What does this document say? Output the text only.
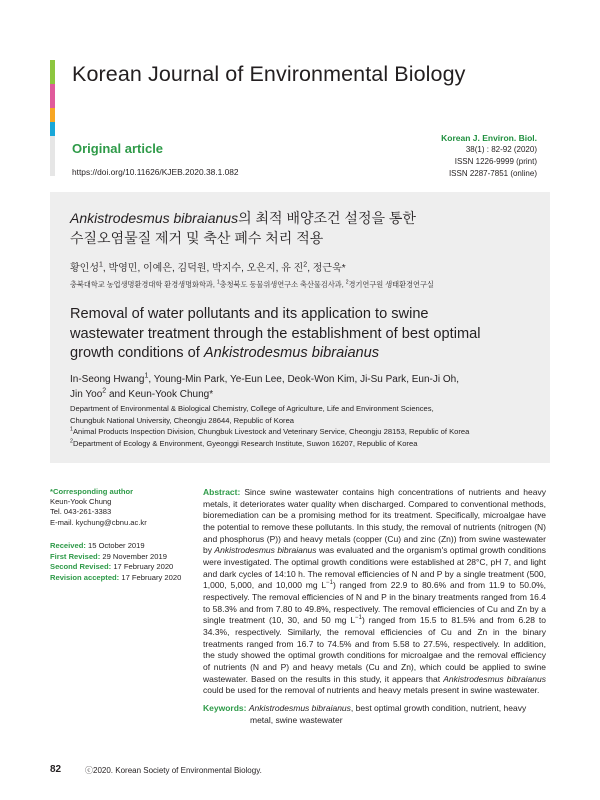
Korean Journal of Environmental Biology
Original article
https://doi.org/10.11626/KJEB.2020.38.1.082
Korean J. Environ. Biol.
38(1) : 82-92 (2020)
ISSN 1226-9999 (print)
ISSN 2287-7851 (online)
Ankistrodesmus bibraianus의 최적 배양조건 설정을 통한
수질오염물질 제거 및 축산 폐수 처리 적용
황인성$^1$, 박영민, 이예은, 김덕원, 박지수, 오은지, 유 진$^2$, 정근욱*
충북대학교 농업생명환경대학 환경생명화학과, $^1$충청북도 동물위생연구소 축산물검사과, $^2$경기연구원 생태환경연구실
Removal of water pollutants and its application to swine
wastewater treatment through the establishment of best optimal
growth conditions of Ankistrodesmus bibraianus
In-Seong Hwang$^1$, Young-Min Park, Ye-Eun Lee, Deok-Won Kim, Ji-Su Park, Eun-Ji Oh,
Jin Yoo$^2$ and Keun-Yook Chung*
Department of Environmental & Biological Chemistry, College of Agriculture, Life and Environment Sciences,
Chungbuk National University, Cheongju 28644, Republic of Korea
$^1$Animal Products Inspection Division, Chungbuk Livestock and Veterinary Service, Cheongju 28153, Republic of Korea
$^2$Department of Ecology & Environment, Gyeonggi Research Institute, Suwon 16207, Republic of Korea
*Corresponding author
Keun-Yook Chung
Tel. 043-261-3383
E-mail. kychung@cbnu.ac.kr
Received: 15 October 2019
First Revised: 29 November 2019
Second Revised: 17 February 2020
Revision accepted: 17 February 2020
Abstract: Since swine wastewater contains high concentrations of nutrients and heavy metals, it deteriorates water quality when discharged. Compared to conventional methods, bioremediation can be a promising method for its treatment. Specifically, microalgae have the potential to remove these pollutants. In this study, the removal of nutrients (nitrogen (N) and phosphorus (P)) and heavy metals (copper (Cu) and zinc (Zn)) from swine wastewater by Ankistrodesmus bibraianus was evaluated and the organism's optimal growth conditions were investigated. The optimal growth conditions were established at 28°C, pH 7, and light and dark cycles of 14:10 h. The removal efficiencies of N and P by a single treatment (500, 1,000, 5,000, and 10,000 mg $L^{-1}$) ranged from 22.9 to 80.6% and from 11.9 to 50.0%, respectively. The removal efficiencies of N and P in the binary treatments ranged from 16.4 to 58.3% and from 7.80 to 49.8%, respectively. The removal efficiencies of Cu and Zn by a single treatment (10, 30, and 50 mg $L^{-1}$) ranged from 15.5 to 81.5% and from 6.28 to 34.3%, respectively. Similarly, the removal efficiencies of Cu and Zn in the binary treatments ranged from 16.7 to 74.5% and from 5.58 to 27.5%, respectively. In addition, the study showed the optimal growth conditions for microalgae and the removal efficiency of nutrients (N and P) and heavy metals (Cu and Zn), which could be applied to swine wastewater. Based on the results in this study, it appears that Ankistrodesmus bibraianus could be used for the removal of nutrients and heavy metals present in swine wastewater.
Keywords: Ankistrodesmus bibraianus, best optimal growth condition, nutrient, heavy
metal, swine wastewater
82	ⓒ2020. Korean Society of Environmental Biology.
